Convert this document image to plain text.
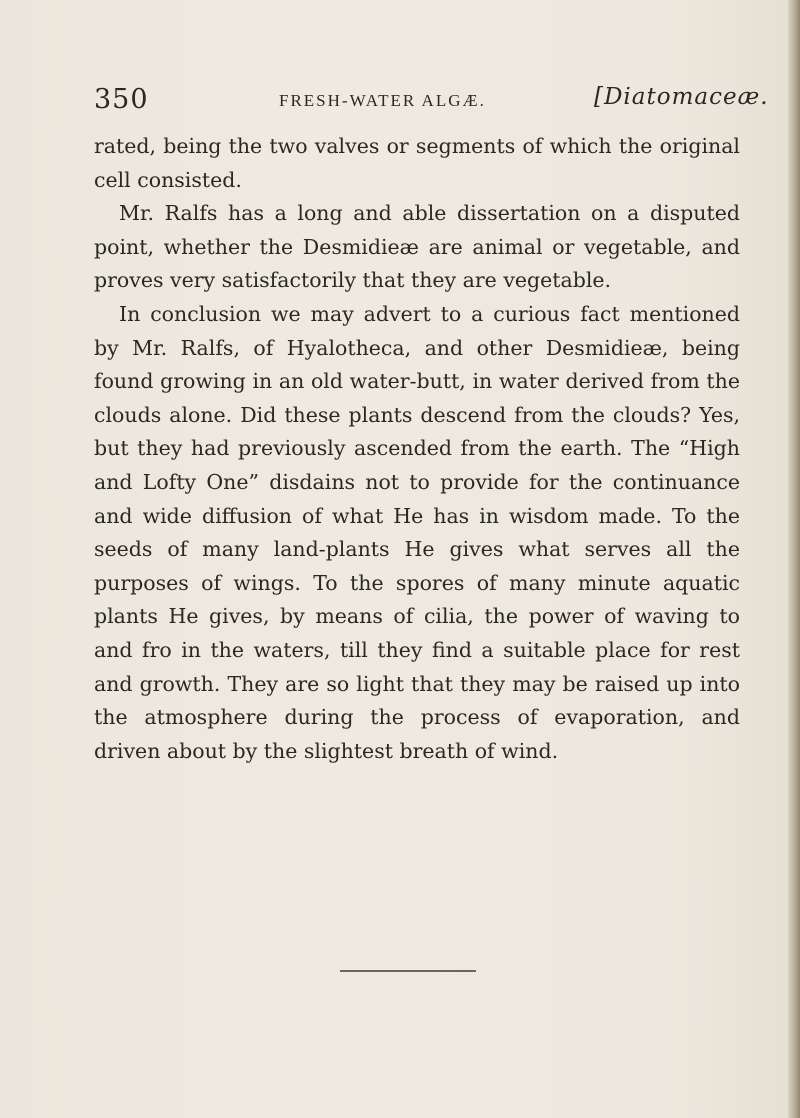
350	FRESH-WATER ALGÆ.	[Diatomaceæ.

rated, being the two valves or segments of which the original cell consisted.

Mr. Ralfs has a long and able dissertation on a disputed point, whether the Desmidieæ are animal or vegetable, and proves very satisfactorily that they are vegetable.

In conclusion we may advert to a curious fact mentioned by Mr. Ralfs, of Hyalotheca, and other Desmidieæ, being found growing in an old water-butt, in water derived from the clouds alone. Did these plants descend from the clouds? Yes, but they had previously ascended from the earth. The “High and Lofty One” disdains not to provide for the continuance and wide diffusion of what He has in wisdom made. To the seeds of many land-plants He gives what serves all the purposes of wings. To the spores of many minute aquatic plants He gives, by means of cilia, the power of waving to and fro in the waters, till they find a suitable place for rest and growth. They are so light that they may be raised up into the atmosphere during the process of evaporation, and driven about by the slightest breath of wind.
